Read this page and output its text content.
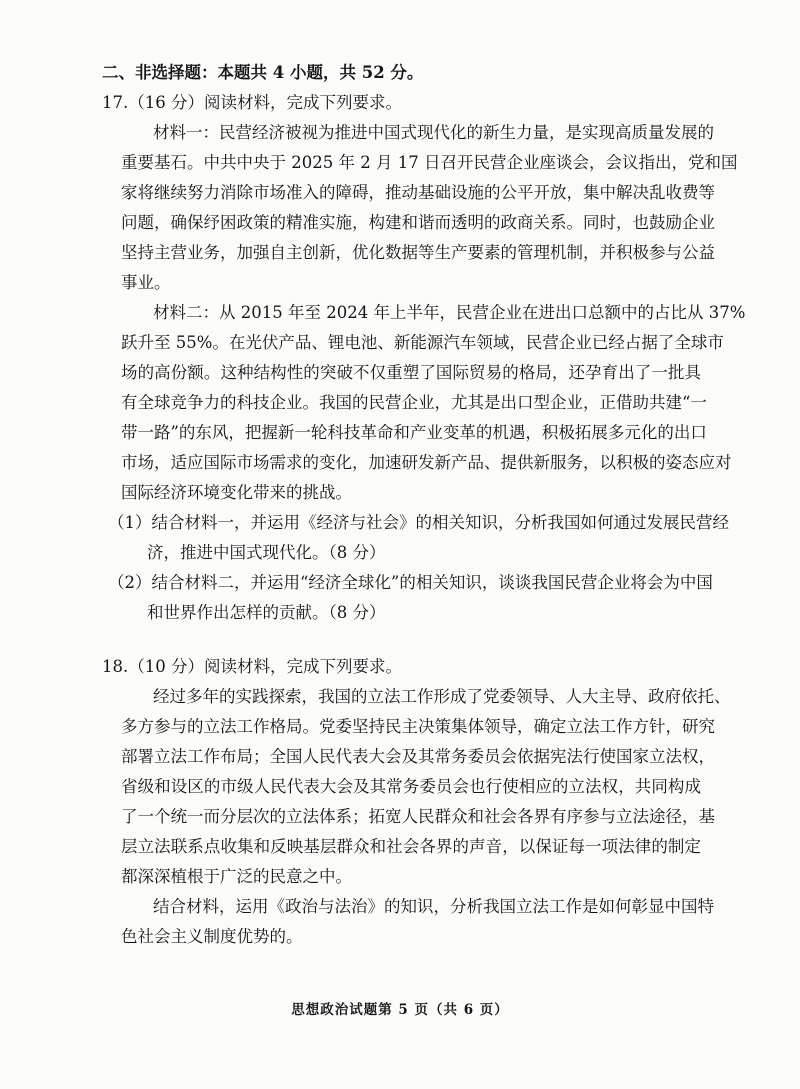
二、非选择题：本题共 4 小题，共 52 分。
17.（16 分）阅读材料，完成下列要求。
材料一：民营经济被视为推进中国式现代化的新生力量，是实现高质量发展的
重要基石。中共中央于 2025 年 2 月 17 日召开民营企业座谈会，会议指出，党和国
家将继续努力消除市场准入的障碍，推动基础设施的公平开放，集中解决乱收费等
问题，确保纾困政策的精准实施，构建和谐而透明的政商关系。同时，也鼓励企业
坚持主营业务，加强自主创新，优化数据等生产要素的管理机制，并积极参与公益
事业。
材料二：从 2015 年至 2024 年上半年，民营企业在进出口总额中的占比从 37%
跃升至 55%。在光伏产品、锂电池、新能源汽车领域，民营企业已经占据了全球市
场的高份额。这种结构性的突破不仅重塑了国际贸易的格局，还孕育出了一批具
有全球竞争力的科技企业。我国的民营企业，尤其是出口型企业，正借助共建“一
带一路”的东风，把握新一轮科技革命和产业变革的机遇，积极拓展多元化的出口
市场，适应国际市场需求的变化，加速研发新产品、提供新服务，以积极的姿态应对
国际经济环境变化带来的挑战。
（1）结合材料一，并运用《经济与社会》的相关知识，分析我国如何通过发展民营经
济，推进中国式现代化。（8 分）
（2）结合材料二，并运用“经济全球化”的相关知识，谈谈我国民营企业将会为中国
和世界作出怎样的贡献。（8 分）
18.（10 分）阅读材料，完成下列要求。
经过多年的实践探索，我国的立法工作形成了党委领导、人大主导、政府依托、
多方参与的立法工作格局。党委坚持民主决策集体领导，确定立法工作方针，研究
部署立法工作布局；全国人民代表大会及其常务委员会依据宪法行使国家立法权，
省级和设区的市级人民代表大会及其常务委员会也行使相应的立法权，共同构成
了一个统一而分层次的立法体系；拓宽人民群众和社会各界有序参与立法途径，基
层立法联系点收集和反映基层群众和社会各界的声音，以保证每一项法律的制定
都深深植根于广泛的民意之中。
结合材料，运用《政治与法治》的知识，分析我国立法工作是如何彰显中国特
色社会主义制度优势的。
思想政治试题第 5 页（共 6 页）
